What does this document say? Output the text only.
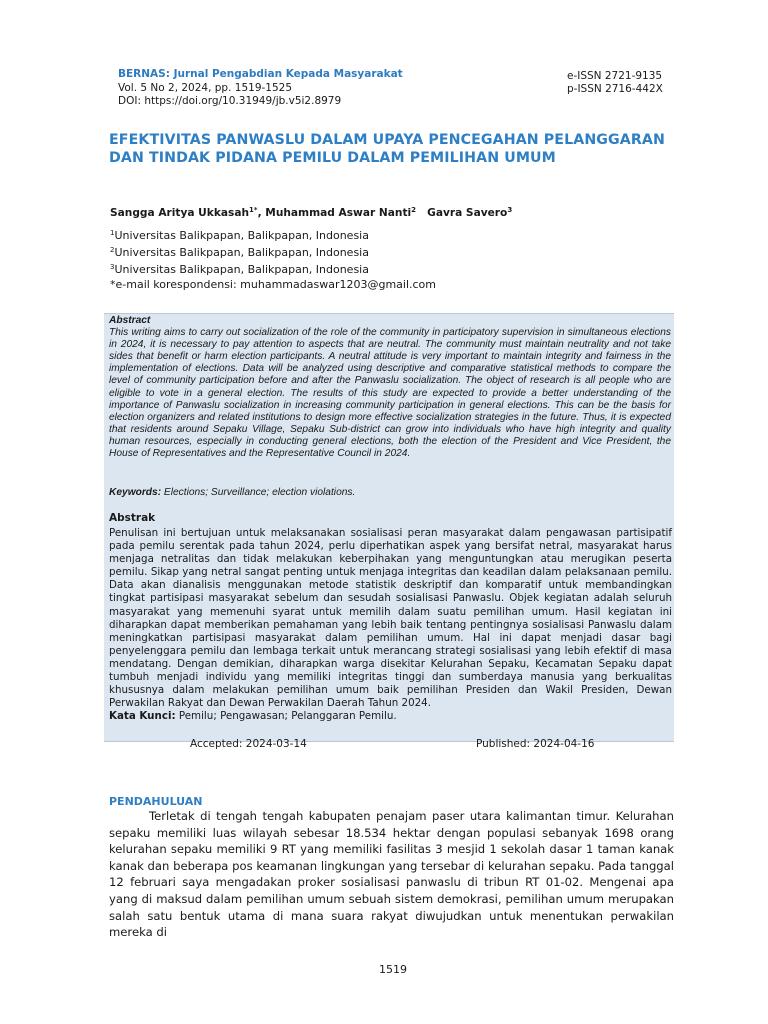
BERNAS: Jurnal Pengabdian Kepada Masyarakat
Vol. 5 No 2, 2024, pp. 1519-1525
DOI: https://doi.org/10.31949/jb.v5i2.8979
e-ISSN 2721-9135
p-ISSN 2716-442X
EFEKTIVITAS PANWASLU DALAM UPAYA PENCEGAHAN PELANGGARAN DAN TINDAK PIDANA PEMILU DALAM PEMILIHAN UMUM
Sangga Aritya Ukkasah$^{1*}$, Muhammad Aswar Nanti$^2$ Gavra Savero$^3$
$^1$Universitas Balikpapan, Balikpapan, Indonesia
$^2$Universitas Balikpapan, Balikpapan, Indonesia
$^3$Universitas Balikpapan, Balikpapan, Indonesia
*e-mail korespondensi: muhammadaswar1203@gmail.com
Abstract
This writing aims to carry out socialization of the role of the community in participatory supervision in simultaneous elections in 2024, it is necessary to pay attention to aspects that are neutral. The community must maintain neutrality and not take sides that benefit or harm election participants. A neutral attitude is very important to maintain integrity and fairness in the implementation of elections. Data will be analyzed using descriptive and comparative statistical methods to compare the level of community participation before and after the Panwaslu socialization. The object of research is all people who are eligible to vote in a general election. The results of this study are expected to provide a better understanding of the importance of Panwaslu socialization in increasing community participation in general elections. This can be the basis for election organizers and related institutions to design more effective socialization strategies in the future. Thus, it is expected that residents around Sepaku Village, Sepaku Sub-district can grow into individuals who have high integrity and quality human resources, especially in conducting general elections, both the election of the President and Vice President, the House of Representatives and the Representative Council in 2024.
Keywords: Elections; Surveillance; election violations.
Abstrak
Penulisan ini bertujuan untuk melaksanakan sosialisasi peran masyarakat dalam pengawasan partisipatif pada pemilu serentak pada tahun 2024, perlu diperhatikan aspek yang bersifat netral, masyarakat harus menjaga netralitas dan tidak melakukan keberpihakan yang menguntungkan atau merugikan peserta pemilu. Sikap yang netral sangat penting untuk menjaga integritas dan keadilan dalam pelaksanaan pemilu. Data akan dianalisis menggunakan metode statistik deskriptif dan komparatif untuk membandingkan tingkat partisipasi masyarakat sebelum dan sesudah sosialisasi Panwaslu. Objek kegiatan adalah seluruh masyarakat yang memenuhi syarat untuk memilih dalam suatu pemilihan umum. Hasil kegiatan ini diharapkan dapat memberikan pemahaman yang lebih baik tentang pentingnya sosialisasi Panwaslu dalam meningkatkan partisipasi masyarakat dalam pemilihan umum. Hal ini dapat menjadi dasar bagi penyelenggara pemilu dan lembaga terkait untuk merancang strategi sosialisasi yang lebih efektif di masa mendatang. Dengan demikian, diharapkan warga disekitar Kelurahan Sepaku, Kecamatan Sepaku dapat tumbuh menjadi individu yang memiliki integritas tinggi dan sumberdaya manusia yang berkualitas khususnya dalam melakukan pemilihan umum baik pemilihan Presiden dan Wakil Presiden, Dewan Perwakilan Rakyat dan Dewan Perwakilan Daerah Tahun 2024.
Kata Kunci: Pemilu; Pengawasan; Pelanggaran Pemilu.
Accepted: 2024-03-14	Published: 2024-04-16
PENDAHULUAN
Terletak di tengah tengah kabupaten penajam paser utara kalimantan timur. Kelurahan sepaku memiliki luas wilayah sebesar 18.534 hektar dengan populasi sebanyak 1698 orang kelurahan sepaku memiliki 9 RT yang memiliki fasilitas 3 mesjid 1 sekolah dasar 1 taman kanak kanak dan beberapa pos keamanan lingkungan yang tersebar di kelurahan sepaku. Pada tanggal 12 februari saya mengadakan proker sosialisasi panwaslu di tribun RT 01-02. Mengenai apa yang di maksud dalam pemilihan umum sebuah sistem demokrasi, pemilihan umum merupakan salah satu bentuk utama di mana suara rakyat diwujudkan untuk menentukan perwakilan mereka di
1519
